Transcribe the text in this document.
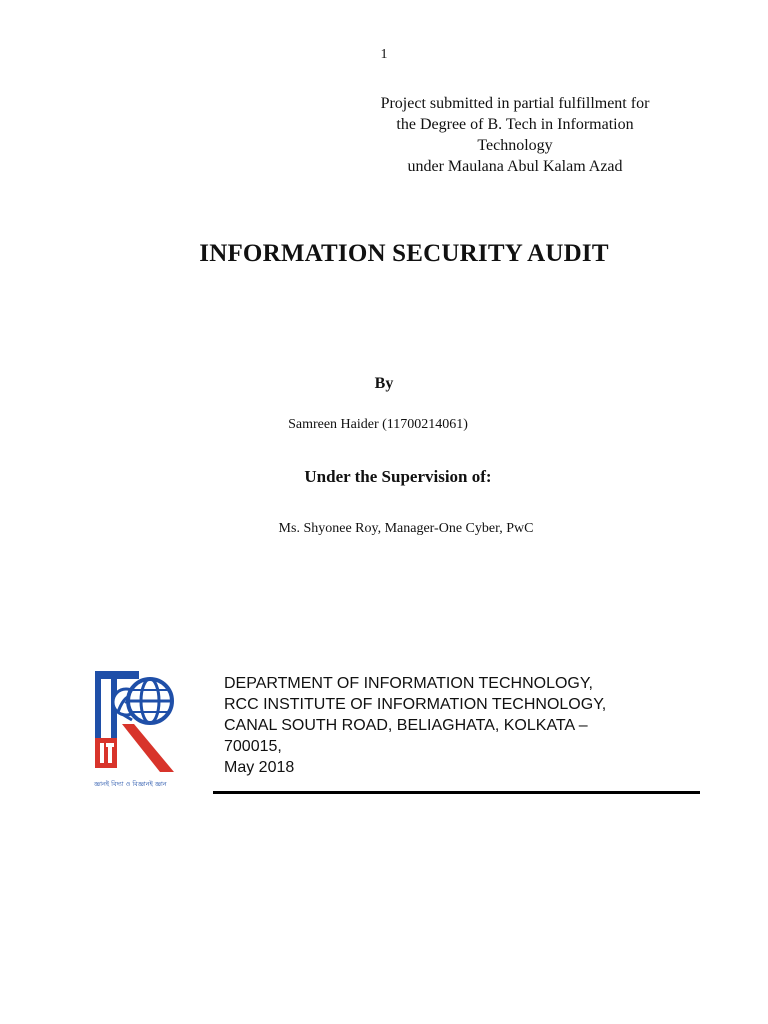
1
Project submitted in partial fulfillment for
the Degree of B. Tech in Information
Technology
under Maulana Abul Kalam Azad
INFORMATION SECURITY AUDIT
By
Samreen Haider (11700214061)
Under the Supervision of:
Ms. Shyonee Roy, Manager-One Cyber, PwC
জ্ঞানই বিদ্যা ও বিজ্ঞানই জ্ঞান
DEPARTMENT OF INFORMATION TECHNOLOGY,
RCC INSTITUTE OF INFORMATION TECHNOLOGY,
CANAL SOUTH ROAD, BELIAGHATA, KOLKATA –
700015,
May 2018
